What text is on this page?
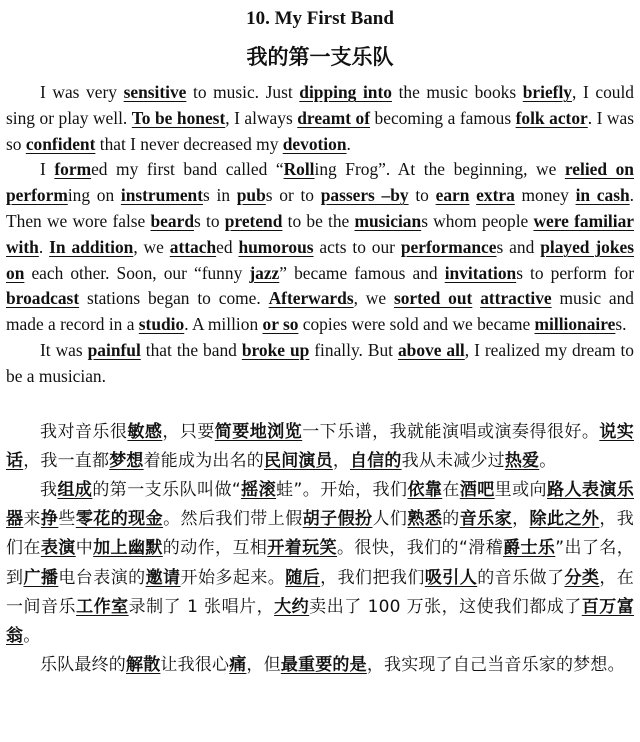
10. My First Band
我的第一支乐队

I was very sensitive to music. Just dipping into the music books briefly, I could sing or play well. To be honest, I always dreamt of becoming a famous folk actor. I was so confident that I never decreased my devotion.

I formed my first band called “Rolling Frog”. At the beginning, we relied on performing on instruments in pubs or to passers –by to earn extra money in cash. Then we wore false beards to pretend to be the musicians whom people were familiar with. In addition, we attached humorous acts to our performances and played jokes on each other. Soon, our “funny jazz” became famous and invitations to perform for broadcast stations began to come. Afterwards, we sorted out attractive music and made a record in a studio. A million or so copies were sold and we became millionaires.

It was painful that the band broke up finally. But above all, I realized my dream to be a musician.

我对音乐很敏感，只要简要地浏览一下乐谱，我就能演唱或演奏得很好。说实话，我一直都梦想着能成为出名的民间演员，自信的我从未减少过热爱。

我组成的第一支乐队叫做“摇滚蛙”。开始，我们依靠在酒吧里或向路人表演乐器来挣些零花的现金。然后我们带上假胡子假扮人们熟悉的音乐家，除此之外，我们在表演中加上幽默的动作，互相开着玩笑。很快，我们的“滑稽爵士乐”出了名，到广播电台表演的邀请开始多起来。随后，我们把我们吸引人的音乐做了分类，在一间音乐工作室录制了 1 张唱片，大约卖出了 100 万张，这使我们都成了百万富翁。

乐队最终的解散让我很心痛，但最重要的是，我实现了自己当音乐家的梦想。
